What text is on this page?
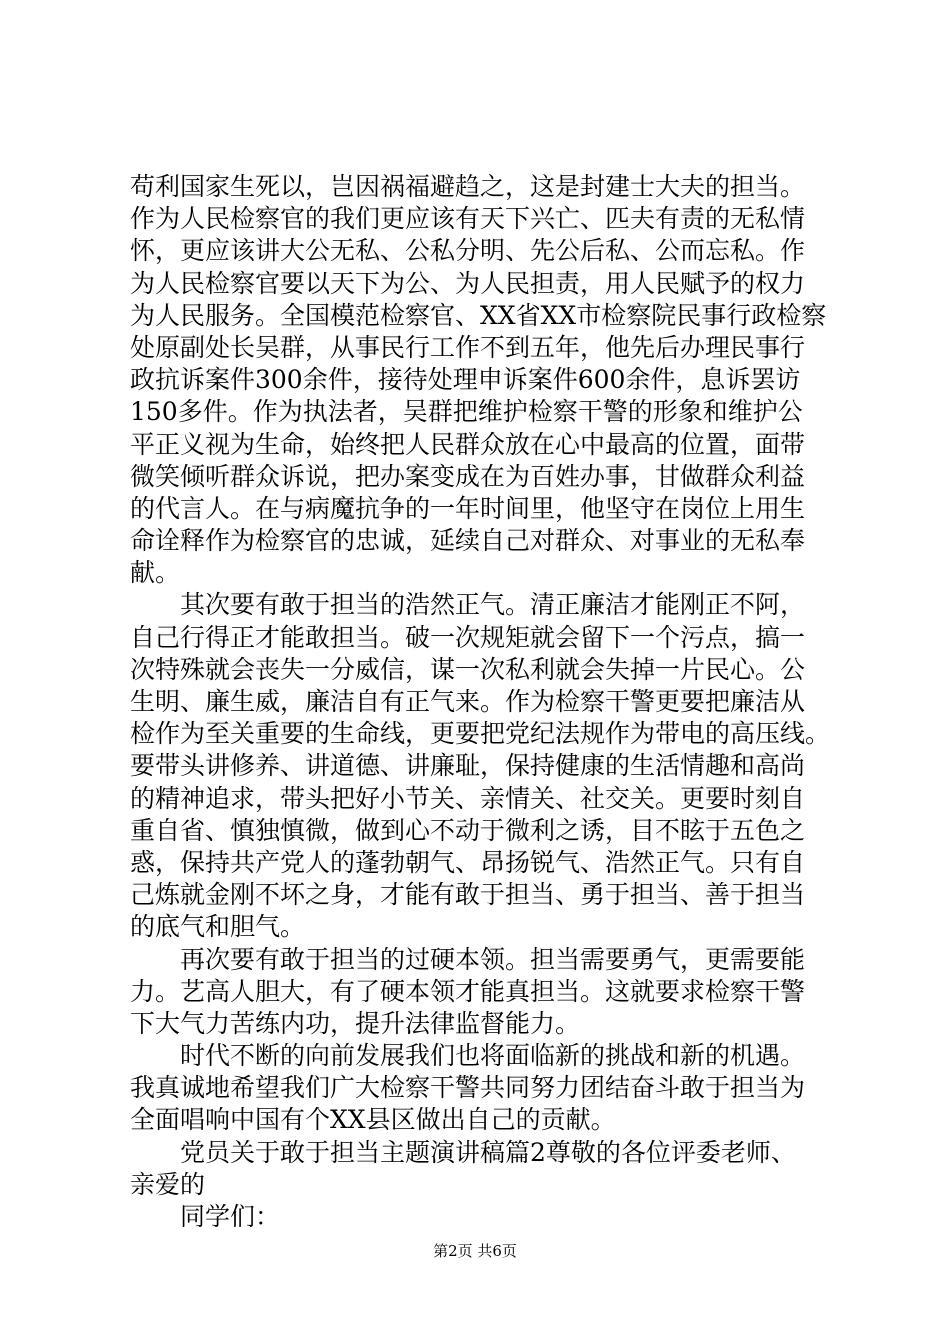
苟利国家生死以，岂因祸福避趋之，这是封建士大夫的担当。
作为人民检察官的我们更应该有天下兴亡、匹夫有责的无私情
怀，更应该讲大公无私、公私分明、先公后私、公而忘私。作
为人民检察官要以天下为公、为人民担责，用人民赋予的权力
为人民服务。全国模范检察官、XX省XX市检察院民事行政检察
处原副处长吴群，从事民行工作不到五年，他先后办理民事行
政抗诉案件300余件，接待处理申诉案件600余件，息诉罢访
150多件。作为执法者，吴群把维护检察干警的形象和维护公
平正义视为生命，始终把人民群众放在心中最高的位置，面带
微笑倾听群众诉说，把办案变成在为百姓办事，甘做群众利益
的代言人。在与病魔抗争的一年时间里，他坚守在岗位上用生
命诠释作为检察官的忠诚，延续自己对群众、对事业的无私奉
献。
其次要有敢于担当的浩然正气。清正廉洁才能刚正不阿，
自己行得正才能敢担当。破一次规矩就会留下一个污点，搞一
次特殊就会丧失一分威信，谋一次私利就会失掉一片民心。公
生明、廉生威，廉洁自有正气来。作为检察干警更要把廉洁从
检作为至关重要的生命线，更要把党纪法规作为带电的高压线。
要带头讲修养、讲道德、讲廉耻，保持健康的生活情趣和高尚
的精神追求，带头把好小节关、亲情关、社交关。更要时刻自
重自省、慎独慎微，做到心不动于微利之诱，目不眩于五色之
惑，保持共产党人的蓬勃朝气、昂扬锐气、浩然正气。只有自
己炼就金刚不坏之身，才能有敢于担当、勇于担当、善于担当
的底气和胆气。
再次要有敢于担当的过硬本领。担当需要勇气，更需要能
力。艺高人胆大，有了硬本领才能真担当。这就要求检察干警
下大气力苦练内功，提升法律监督能力。
时代不断的向前发展我们也将面临新的挑战和新的机遇。
我真诚地希望我们广大检察干警共同努力团结奋斗敢于担当为
全面唱响中国有个XX县区做出自己的贡献。
党员关于敢于担当主题演讲稿篇2尊敬的各位评委老师、
亲爱的
同学们：
第2页 共6页
